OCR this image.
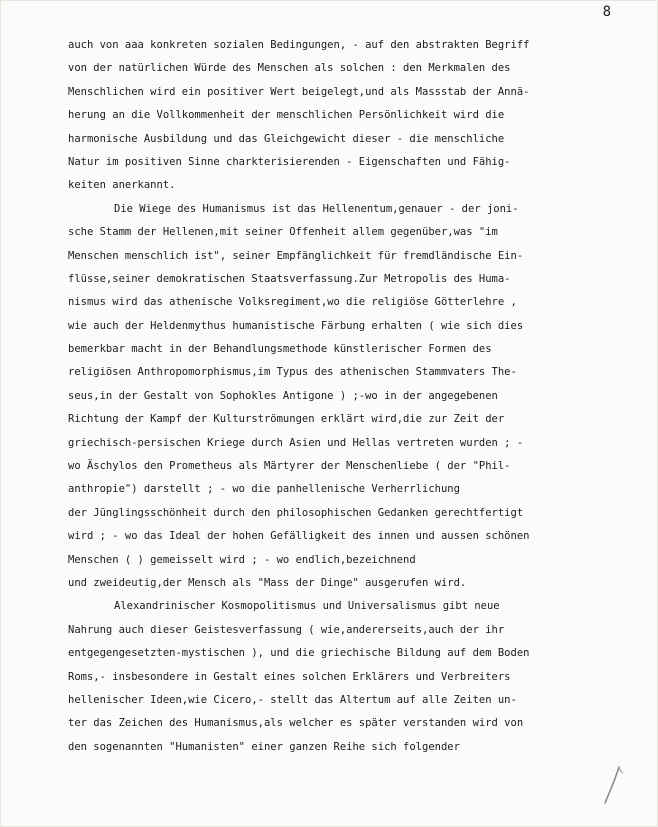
8
auch von aaa konkreten sozialen Bedingungen, - auf den abstrakten Begriff
von der natürlichen Würde des Menschen als solchen : den Merkmalen des
Menschlichen wird ein positiver Wert beigelegt,und als Massstab der Annä-
herung an die Vollkommenheit der menschlichen Persönlichkeit wird die
harmonische Ausbildung und das Gleichgewicht dieser - die menschliche
Natur im positiven Sinne charkterisierenden - Eigenschaften und Fähig-
keiten anerkannt.
Die Wiege des Humanismus ist das Hellenentum,genauer - der joni-
sche Stamm der Hellenen,mit seiner Offenheit allem gegenüber,was "im
Menschen menschlich ist", seiner Empfänglichkeit für fremdländische Ein-
flüsse,seiner demokratischen Staatsverfassung.Zur Metropolis des Huma-
nismus wird das athenische Volksregiment,wo die religiöse Götterlehre ,
wie auch der Heldenmythus humanistische Färbung erhalten ( wie sich dies
bemerkbar macht in der Behandlungsmethode künstlerischer Formen des
religiösen Anthropomorphismus,im Typus des athenischen Stammvaters The-
seus,in der Gestalt von Sophokles Antigone ) ;-wo in der angegebenen
Richtung der Kampf der Kulturströmungen erklärt wird,die zur Zeit der
griechisch-persischen Kriege durch Asien und Hellas vertreten wurden ; -
wo Äschylos den Prometheus als Märtyrer der Menschenliebe ( der "Phil-
anthropie") darstellt ; - wo die panhellenische Verherrlichung
der Jünglingsschönheit durch den philosophischen Gedanken gerechtfertigt
wird ; - wo das Ideal der hohen Gefälligkeit des innen und aussen schönen
Menschen ( ) gemeisselt wird ; - wo endlich,bezeichnend
und zweideutig,der Mensch als "Mass der Dinge" ausgerufen wird.
Alexandrinischer Kosmopolitismus und Universalismus gibt neue
Nahrung auch dieser Geistesverfassung ( wie,andererseits,auch der ihr
entgegengesetzten-mystischen ), und die griechische Bildung auf dem Boden
Roms,- insbesondere in Gestalt eines solchen Erklärers und Verbreiters
hellenischer Ideen,wie Cicero,- stellt das Altertum auf alle Zeiten un-
ter das Zeichen des Humanismus,als welcher es später verstanden wird von
den sogenannten "Humanisten" einer ganzen Reihe sich folgender
